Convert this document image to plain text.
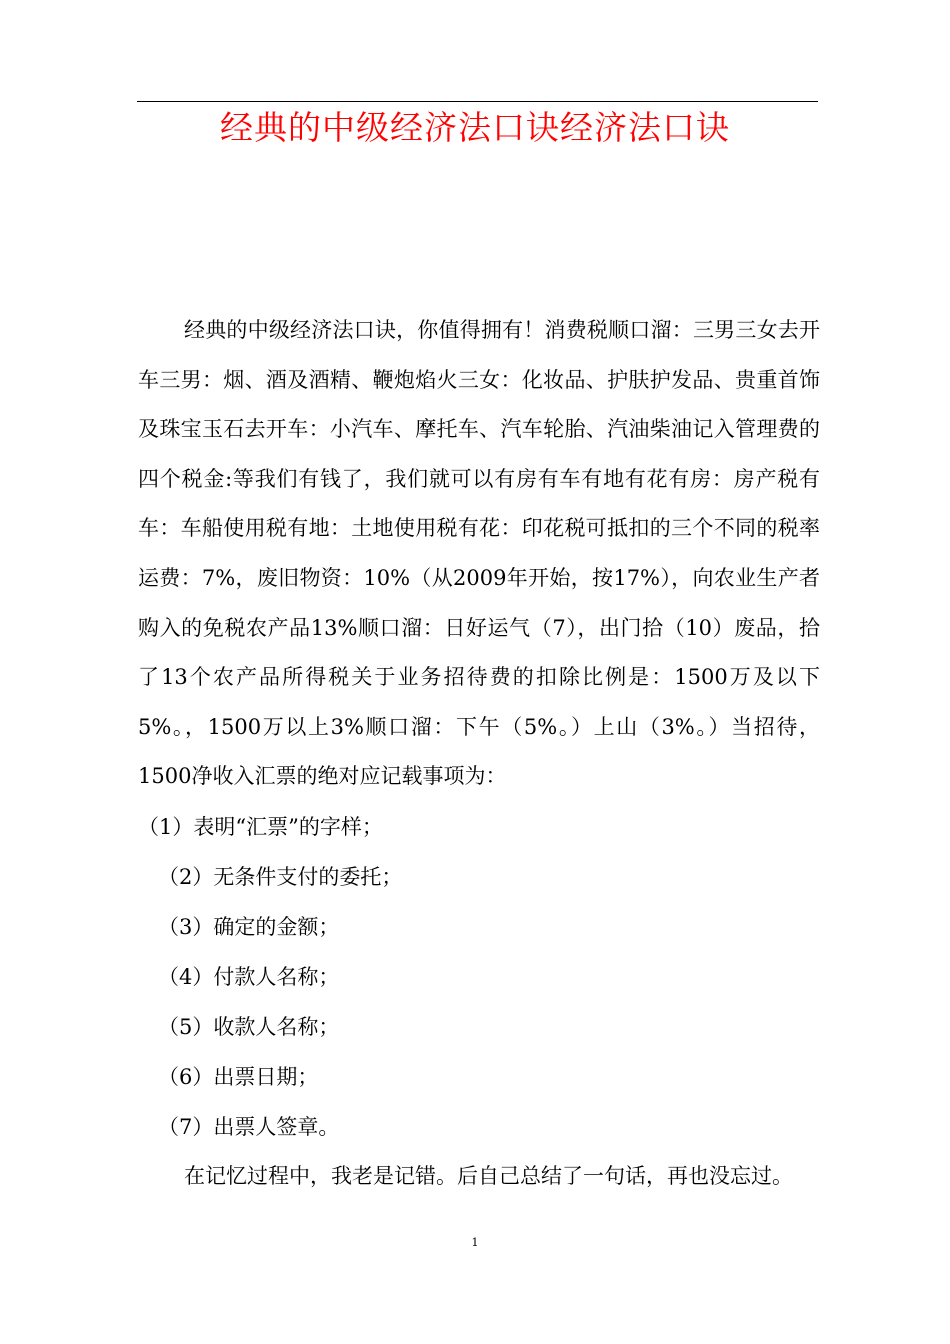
经典的中级经济法口诀经济法口诀

经典的中级经济法口诀，你值得拥有！消费税顺口溜：三男三女去开车三男：烟、酒及酒精、鞭炮焰火三女：化妆品、护肤护发品、贵重首饰及珠宝玉石去开车：小汽车、摩托车、汽车轮胎、汽油柴油记入管理费的四个税金:等我们有钱了，我们就可以有房有车有地有花有房：房产税有车：车船使用税有地：土地使用税有花：印花税可抵扣的三个不同的税率运费：7%，废旧物资：10%（从2009年开始，按17%），向农业生产者购入的免税农产品13%顺口溜：日好运气（7），出门拾（10）废品，拾了13个农产品所得税关于业务招待费的扣除比例是：1500万及以下5%。，1500万以上3%顺口溜：下午（5%。）上山（3%。）当招待，1500净收入汇票的绝对应记载事项为：

（1）表明“汇票”的字样；
（2）无条件支付的委托；
（3）确定的金额；
（4）付款人名称；
（5）收款人名称；
（6）出票日期；
（7）出票人签章。

在记忆过程中，我老是记错。后自己总结了一句话，再也没忘过。

1
